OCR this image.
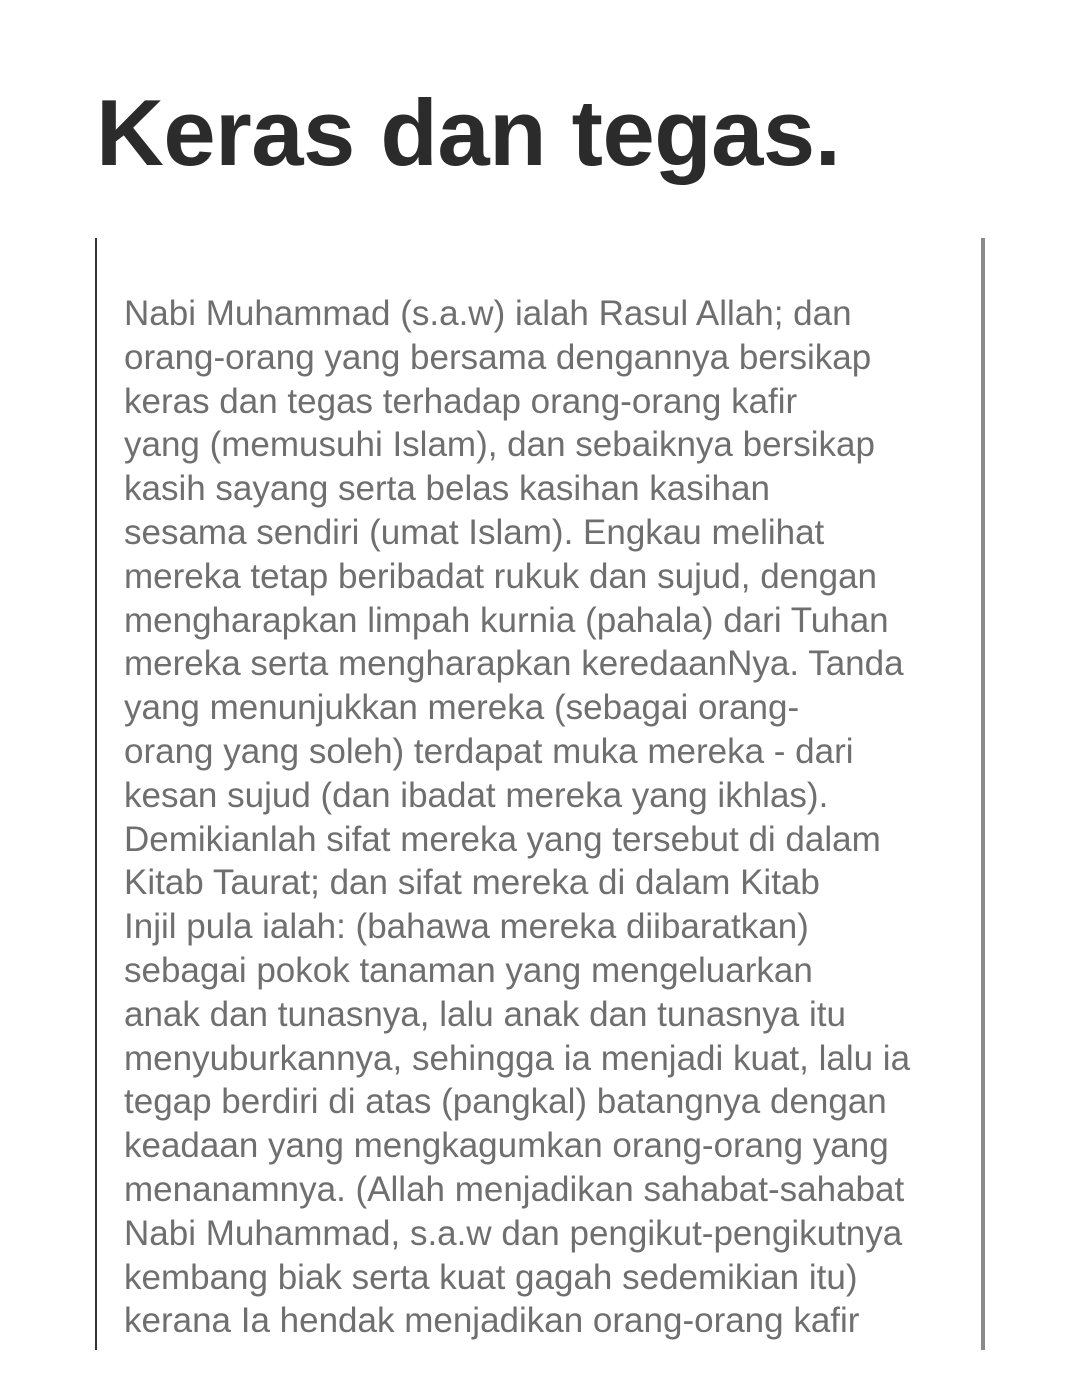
Keras dan tegas.
Nabi Muhammad (s.a.w) ialah Rasul Allah; dan
orang-orang yang bersama dengannya bersikap
keras dan tegas terhadap orang-orang kafir
yang (memusuhi Islam), dan sebaiknya bersikap
kasih sayang serta belas kasihan kasihan
sesama sendiri (umat Islam). Engkau melihat
mereka tetap beribadat rukuk dan sujud, dengan
mengharapkan limpah kurnia (pahala) dari Tuhan
mereka serta mengharapkan keredaanNya. Tanda
yang menunjukkan mereka (sebagai orang-
orang yang soleh) terdapat muka mereka - dari
kesan sujud (dan ibadat mereka yang ikhlas).
Demikianlah sifat mereka yang tersebut di dalam
Kitab Taurat; dan sifat mereka di dalam Kitab
Injil pula ialah: (bahawa mereka diibaratkan)
sebagai pokok tanaman yang mengeluarkan
anak dan tunasnya, lalu anak dan tunasnya itu
menyuburkannya, sehingga ia menjadi kuat, lalu ia
tegap berdiri di atas (pangkal) batangnya dengan
keadaan yang mengkagumkan orang-orang yang
menanamnya. (Allah menjadikan sahabat-sahabat
Nabi Muhammad, s.a.w dan pengikut-pengikutnya
kembang biak serta kuat gagah sedemikian itu)
kerana Ia hendak menjadikan orang-orang kafir
